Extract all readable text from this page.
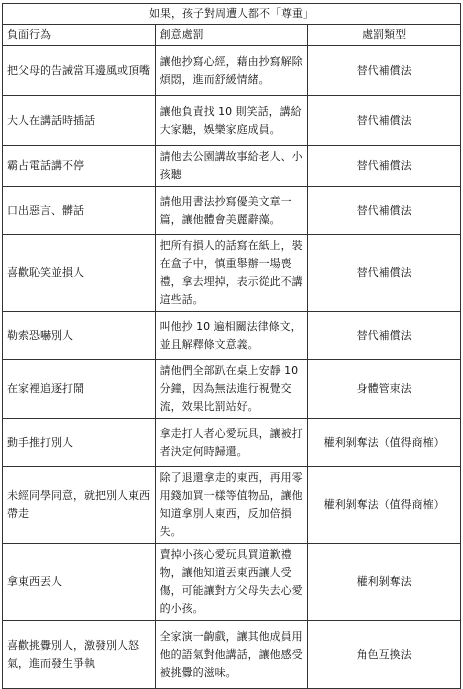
如果，孩子對周遭人都不「尊重」		
負面行為	創意處罰	處罰類型
把父母的告誡當耳邊風或頂嘴	讓他抄寫心經，藉由抄寫解除煩悶，進而舒緩情緒。	替代補償法
大人在講話時插話	讓他負責找 10 則笑話，講給大家聽，娛樂家庭成員。	替代補償法
霸占電話講不停	請他去公園講故事給老人、小孩聽	替代補償法
口出惡言、髒話	請他用書法抄寫優美文章一篇，讓他體會美麗辭藻。	替代補償法
喜歡恥笑並損人	把所有損人的話寫在紙上，裝在盒子中，慎重舉辦一場喪禮，拿去埋掉，表示從此不講這些話。	替代補償法
勒索恐嚇別人	叫他抄 10 遍相關法律條文，並且解釋條文意義。	替代補償法
在家裡追逐打鬧	請他們全部趴在桌上安靜 10 分鐘，因為無法進行視覺交流，效果比罰站好。	身體管束法
動手推打別人	拿走打人者心愛玩具，讓被打者決定何時歸還。	權利剝奪法（值得商榷）
未經同學同意，就把別人東西帶走	除了退還拿走的東西，再用零用錢加買一樣等值物品，讓他知道拿別人東西，反加倍損失。	權利剝奪法（值得商榷）
拿東西丟人	賣掉小孩心愛玩具買道歉禮物，讓他知道丟東西讓人受傷，可能讓對方父母失去心愛的小孩。	權利剝奪法
喜歡挑釁別人，激發別人怒氣，進而發生爭執	全家演一齣戲，讓其他成員用他的語氣對他講話，讓他感受被挑釁的滋味。	角色互換法
